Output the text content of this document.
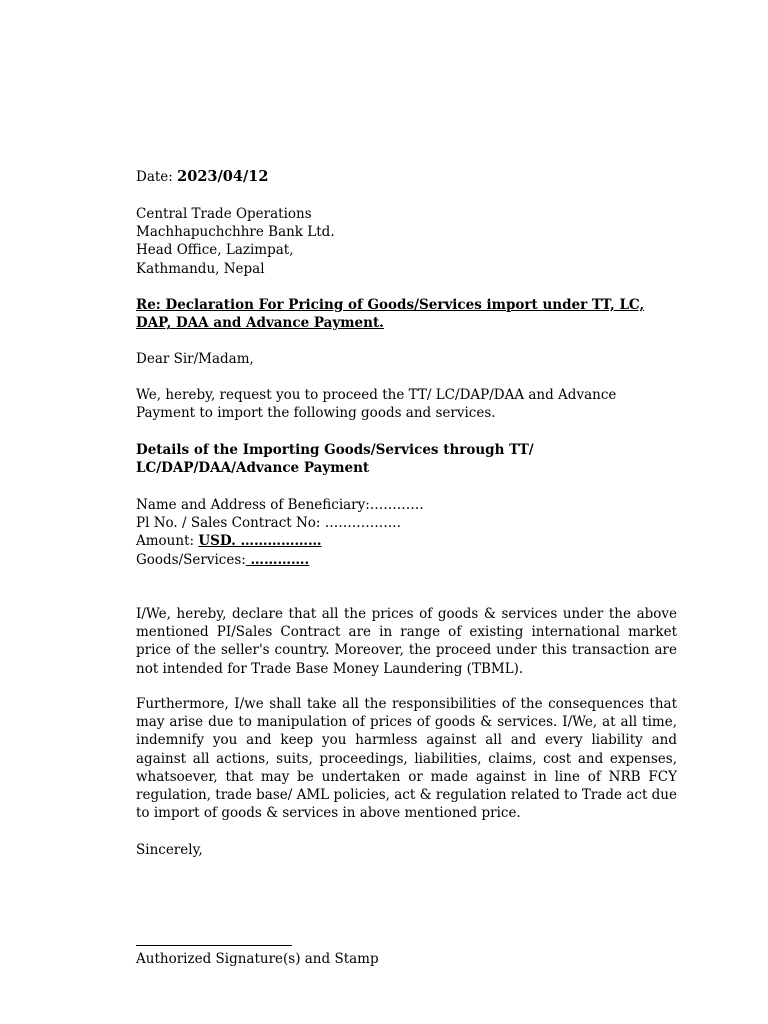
Date: 2023/04/12
Central Trade Operations
Machhapuchchhre Bank Ltd.
Head Office, Lazimpat,
Kathmandu, Nepal
Re: Declaration For Pricing of Goods/Services import under TT, LC, DAP, DAA and Advance Payment.
Dear Sir/Madam,
We, hereby, request you to proceed the TT/ LC/DAP/DAA and Advance Payment to import the following goods and services.
Details of the Importing Goods/Services through TT/ LC/DAP/DAA/Advance Payment
Name and Address of Beneficiary:…………
Pl No. / Sales Contract No: ……………..
Amount: USD. ………………
Goods/Services: ………….
I/We, hereby, declare that all the prices of goods & services under the above mentioned PI/Sales Contract are in range of existing international market price of the seller's country. Moreover, the proceed under this transaction are not intended for Trade Base Money Laundering (TBML).
Furthermore, I/we shall take all the responsibilities of the consequences that may arise due to manipulation of prices of goods & services. I/We, at all time, indemnify you and keep you harmless against all and every liability and against all actions, suits, proceedings, liabilities, claims, cost and expenses, whatsoever, that may be undertaken or made against in line of NRB FCY regulation, trade base/ AML policies, act & regulation related to Trade act due to import of goods & services in above mentioned price.
Sincerely,
Authorized Signature(s) and Stamp
